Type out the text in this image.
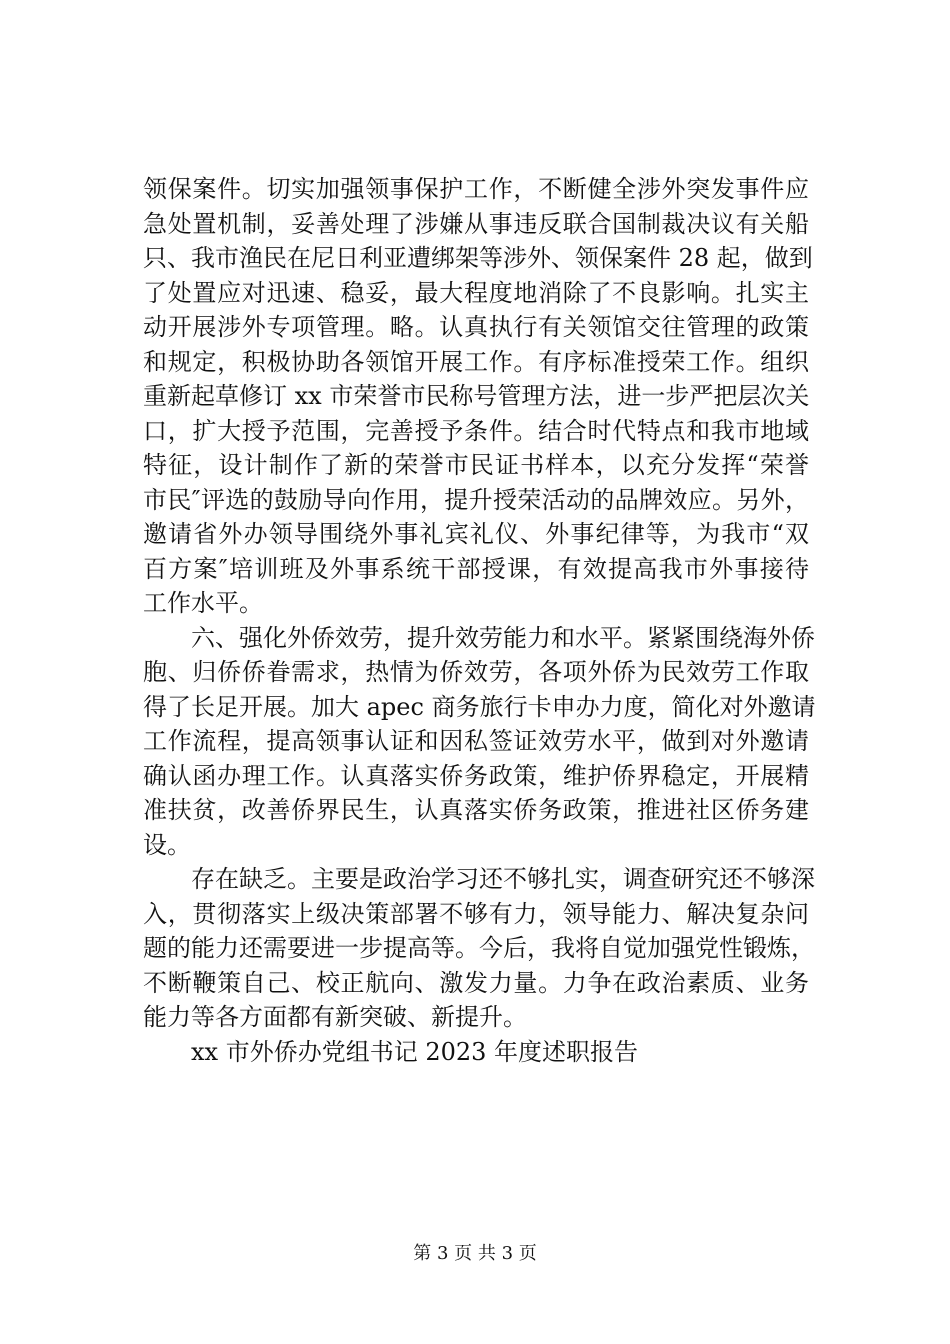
领保案件。切实加强领事保护工作，不断健全涉外突发事件应
急处置机制，妥善处理了涉嫌从事违反联合国制裁决议有关船
只、我市渔民在尼日利亚遭绑架等涉外、领保案件 28 起，做到
了处置应对迅速、稳妥，最大程度地消除了不良影响。扎实主
动开展涉外专项管理。略。认真执行有关领馆交往管理的政策
和规定，积极协助各领馆开展工作。有序标准授荣工作。组织
重新起草修订 xx 市荣誉市民称号管理方法，进一步严把层次关
口，扩大授予范围，完善授予条件。结合时代特点和我市地域
特征，设计制作了新的荣誉市民证书样本，以充分发挥“荣誉
市民″评选的鼓励导向作用，提升授荣活动的品牌效应。另外，
邀请省外办领导围绕外事礼宾礼仪、外事纪律等，为我市“双
百方案″培训班及外事系统干部授课，有效提高我市外事接待
工作水平。
六、强化外侨效劳，提升效劳能力和水平。紧紧围绕海外侨
胞、归侨侨眷需求，热情为侨效劳，各项外侨为民效劳工作取
得了长足开展。加大 apec 商务旅行卡申办力度，简化对外邀请
工作流程，提高领事认证和因私签证效劳水平，做到对外邀请
确认函办理工作。认真落实侨务政策，维护侨界稳定，开展精
准扶贫，改善侨界民生，认真落实侨务政策，推进社区侨务建
设。
存在缺乏。主要是政治学习还不够扎实，调查研究还不够深
入，贯彻落实上级决策部署不够有力，领导能力、解决复杂问
题的能力还需要进一步提高等。今后，我将自觉加强党性锻炼，
不断鞭策自己、校正航向、激发力量。力争在政治素质、业务
能力等各方面都有新突破、新提升。
xx 市外侨办党组书记 2023 年度述职报告
第 3 页 共 3 页
